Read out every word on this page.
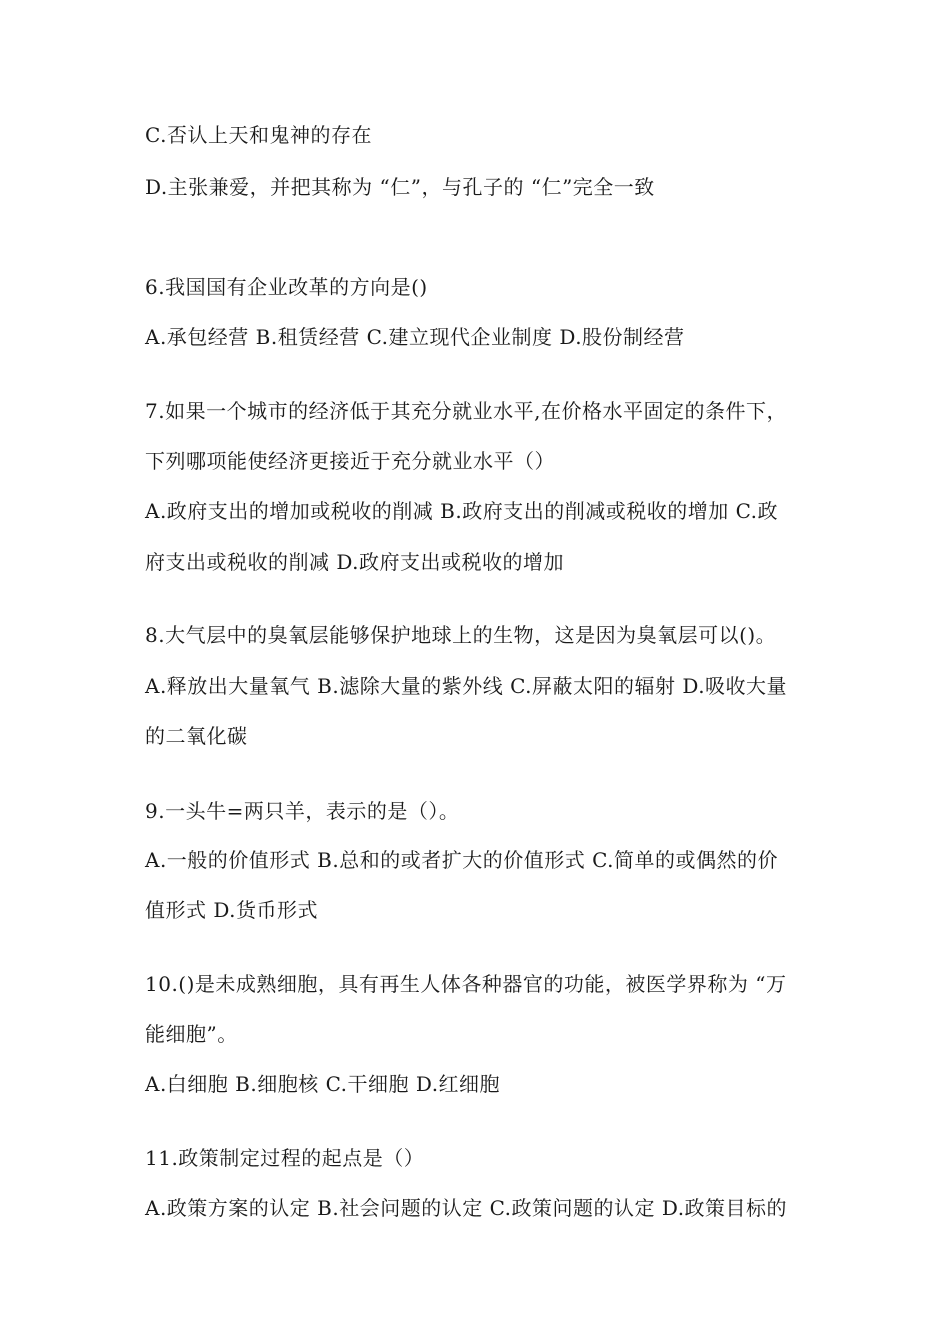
C.否认上天和鬼神的存在
D.主张兼爱，并把其称为 “仁”，与孔子的 “仁”完全一致
6.我国国有企业改革的方向是()
A.承包经营 B.租赁经营 C.建立现代企业制度 D.股份制经营
7.如果一个城市的经济低于其充分就业水平,在价格水平固定的条件下，
下列哪项能使经济更接近于充分就业水平（）
A.政府支出的增加或税收的削减 B.政府支出的削减或税收的增加 C.政
府支出或税收的削减 D.政府支出或税收的增加
8.大气层中的臭氧层能够保护地球上的生物，这是因为臭氧层可以()。
A.释放出大量氧气 B.滤除大量的紫外线 C.屏蔽太阳的辐射 D.吸收大量
的二氧化碳
9.一头牛=两只羊，表示的是（）。
A.一般的价值形式 B.总和的或者扩大的价值形式 C.简单的或偶然的价
值形式 D.货币形式
10.()是未成熟细胞，具有再生人体各种器官的功能，被医学界称为 “万
能细胞”。
A.白细胞 B.细胞核 C.干细胞 D.红细胞
11.政策制定过程的起点是（）
A.政策方案的认定 B.社会问题的认定 C.政策问题的认定 D.政策目标的
